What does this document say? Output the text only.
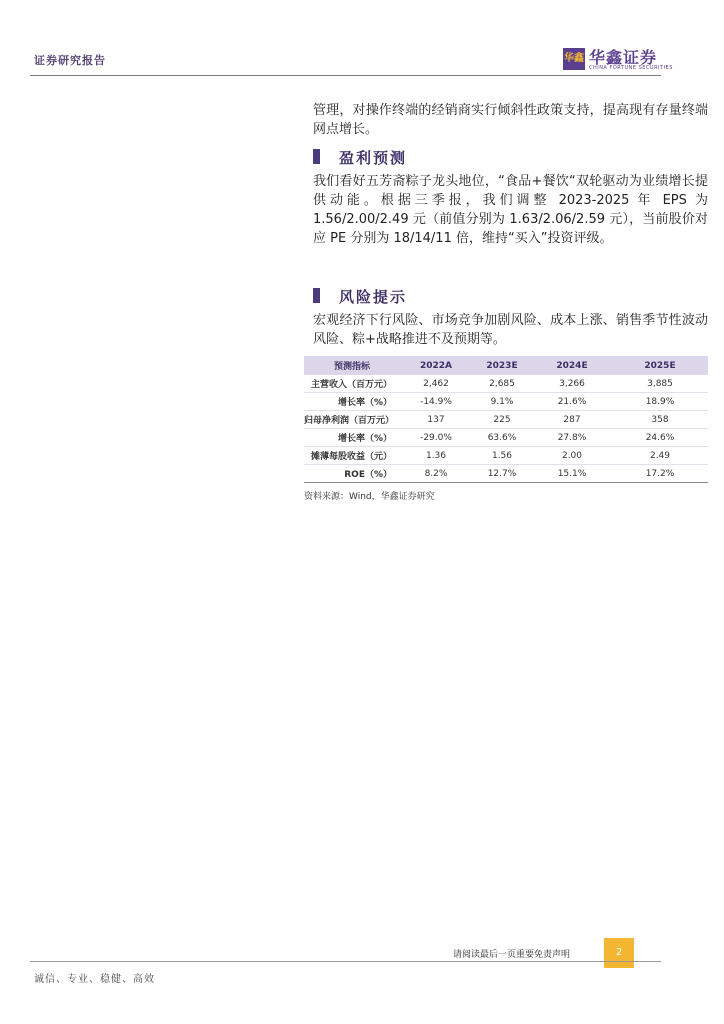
证券研究报告	华鑫 华鑫证券
CHINA FORTUNE SECURITIES
管理，对操作终端的经销商实行倾斜性政策支持，提高现有存量终端网点增长。
盈利预测
我们看好五芳斋粽子龙头地位，“食品+餐饮“双轮驱动为业绩增长提供动能。根据三季报，我们调整 2023-2025 年 EPS 为 1.56/2.00/2.49 元（前值分别为 1.63/2.06/2.59 元），当前股价对应 PE 分别为 18/14/11 倍，维持“买入”投资评级。
风险提示
宏观经济下行风险、市场竞争加剧风险、成本上涨、销售季节性波动风险、粽+战略推进不及预期等。
预测指标	2022A	2023E	2024E	2025E
主营收入（百万元）	2,462	2,685	3,266	3,885
增长率（%）	-14.9%	9.1%	21.6%	18.9%
归母净利润（百万元）	137	225	287	358
增长率（%）	-29.0%	63.6%	27.8%	24.6%
摊薄每股收益（元）	1.36	1.56	2.00	2.49
ROE（%）	8.2%	12.7%	15.1%	17.2%
资料来源：Wind，华鑫证券研究
请阅读最后一页重要免责声明	2
诚信、专业、稳健、高效
